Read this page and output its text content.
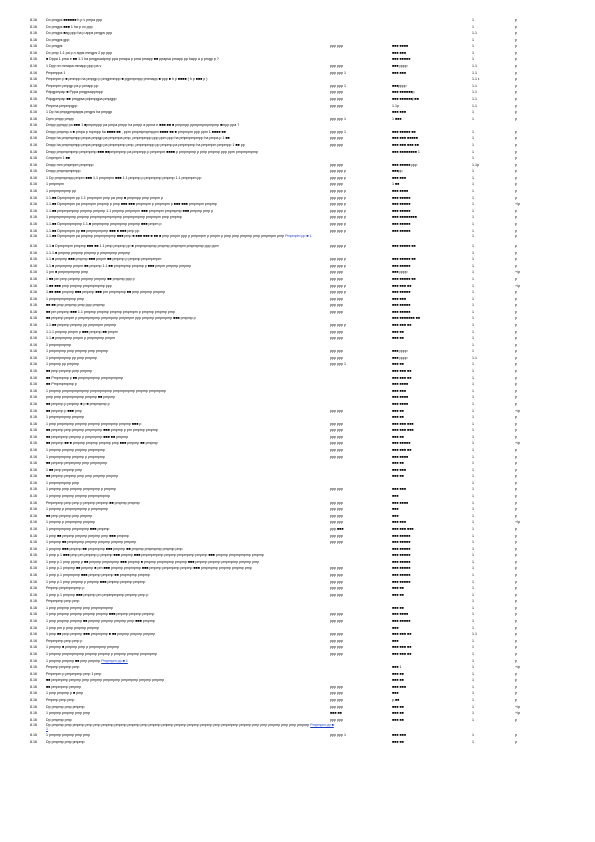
8.16	Do pmgps ■■■■■■ h p v pmpa ppp	1	p
8.16	Do pmgps ■■■ 1 ha p vo ppp	1	p
8.16	Do pmgps ■ag ppp ha p apps pmgps ppp	1.1	p
8.16	Do pmgps gpp	1	p
8.16	Do pmgps	ppp ppp	■■■ ■■■■	1	p
8.16	Do pmp 1.1 pa p n apps mmgps 2 pp ppp	■■■ ■■■	1	p
8.16	■ Dppa 1 pma e ■■ 1.1 ha pmgpsadpmp ppa pmapa p pma pmapp ■■ ppapsa pmapp pp happ a p pmgp p ?	■■■ ■■■■■	1	p
8.16	1 Dpp nn mmapa mmapp ppp pa v	ppp ppp	■■■ pppp	1.1	p
8.16	Pmpmppa 1	ppp ppp 1	■■■ ■■■	1.1	p
8.16	Pmpmpm p ■ pmmpp ha pmpgp p pmgpmmpp ■ pgpmpmpp pmmapp ■ ppp ■ h p ■■■■ ( h p ■■■ p )	1.1 t.	p
8.16	Pmpmpm pmpgp pa p pmapp pp	ppp ppp 1	■■■pppp	1.1	p
8.16	Pdpgpmpap ■ Pppa pmgpsappmpp	ppp ppp	■■■ ■■■■■■p	1.1	p
8.16	Pdpgpmpap ■■ pmgpsa pdpmpgpa pmpgpp	ppp ppp	■■■ ■■■■■■p■■	1.1	p
8.16	Pmpma pmpmpgpp	ppp ppp	1.1p	1.1	p
8.16	1 Dp ha pmpgpmpapps pmgps ha pmpgp	■■■ ■■■	1	p
8.16	Dpm pmpp pmpp	ppp ppp 1	1 ■■■	1	p
8.16	Dmpp ppmpp pa ■■■ 1 ■pmpmppp pa pmpa pmpp ha pmpp a ppma e ■■■ ■■ ■ pmpmpp ppmpmpmpmpmp ■mpp ppa ?
8.16	Dmpp pmpmp a ■ pmpa p mpmpp ha ■■■■ ■■ , ppm pmpmpmpmppm ■■■■ ■■ ■ pmpmpm ppp ppm 1 ■■■■ ■■	ppp ppp 1	■■■ ■■■■■ ■■	1	p
8.16	Dmpp ha pmpmpmpp pmpa pmpgp pa pmpmpa pmp, pmpmpmpp ppp ppm ppp ha pmpmpmpmpp ha pmpa p 1 ■■	ppp ppp	■■■ ■■■ ■■■■■	1	p
8.16	Dmpp ha pmpmpmpp pmpa pmpgp pa pmpmpmp pmp, pmpmpmpp pp pmpmp pa pmpmpmp ha pmpmpm pmpmpp 1 ■■ pp	ppp ppp	■■■ ■■■ ■■■ ■■	1	p
8.16	Dmpp pmpmpmpmp pmpmpmp ■■■ ■■pmpmpmp pa pmpmpp p pmpmpm ■■■■ p pmpmpmp p pmp pmpmp ppp ppm pmpmpmpmp	■■■ ■■■■■■■■ 1	1	p
8.16	Cmpmpm 1 ■■	1	p
8.16	Dmpp mm pmpmpm pmpmpp	ppp ppp	■■■ ■■■■■ ppp	1.1p	p
8.16	Dmpp pmpmpmpmpp	ppp ppp p	■■■pp	1	p
8.16	1 Dp pmpmpmpp pmpm ■■■ 1.1 pmpmpm ■■■ 1.1 pmpmp p pmpmpmp pmpmp 1.1 pmpmpm pp	ppp ppp p	■■■ ■■■	1	p
8.16	1 pmpmpm	ppp ppp	1 ■■	1	p
8.16	1 pmpmpmpmp pp	ppp ppp p	■■■ ■■■■	1	p
8.16	1.1.■■ Dpmpmpm pp 1.1 pmpmpm pmp pa pmp ■ pmpmpp pmp pmpm p	ppp ppp p	■■■ ■■■■■	1	p
8.16	1.1.■■ Dpmpmpm pa pmpmpm pmpmp p pmp ■■■ ■■■ pmpmpm p pmpmpm p ■■■ ■■■ pmpmpm pmpmp	ppp ppp p	■■■ ■■■■■	1	+/p
8.16	1.1.■■ pmpmpmpmp pmpmp pmpmp 1.1 pmpmp pmpmpm ■■■ pmpmpm pmpmpmp ■■■ pmpmp pmp p	ppp ppp p	■■■ ■■■■■	1	p
8.16	1 pmpmpmpmpmp pmpmp pmpmpmpmpmpmp pmpmpmpmp pmpmpm pmp pmpmp	ppp ppp p	■■■ ■■■■■■■■	1	p
8.16	1.1.■■ Dpmpmpmpmp 1.1.■ pmpmpmp pmpmpmp pmpmp ■■■ pmpm p	ppp ppp p	■■■ ■■■■■	1	p
8.16	1.1.■■ Dpmpmpm pp ■■ pmpmpmpmp ■■■ ■ ■■■ pmp pp	ppp ppp p	■■■ ■■■■■	1	p
8.16	1.1.■■ Dpmpmpm pa pmpmp pmpmpmpmp ■■■ pmp ■ ■■■ ■■■ ■ ■■ ■ pmp pmpm ppp p pmpmpm p pmpm p pmp pmp pmpmp pmp pmpmpm pmp Pmpmpm pp ■ 1	1	p
8.16	1.1.■ Dpmpmpm pmpmp ■■■ ■■ 1.1 pmp pmpmp pp ■ pmpmpmpmp pmpmp pmpmpm pmpmpmp ppp ppm	ppp ppp p	■■■ ■■■■■ ■■	1	p
8.16	1.1.1.■ pmpmp pmpmp pmpmp p pmpmpmp pmpmp	1	p
8.16	1.1.■ pmpmp ■■■ pmpmp ■■■ pmpm ■■ pmpmp p pmpmp pmpmpmpm	ppp ppp p	■■■ ■■■■■ ■■	1	p
8.16	1.1.■ pmpmpmp pmpm ■■ pmpmp 1.1 ■■ pmpmpmp pmpmp p ■■■ pmpm pmpmp pmpmp	ppp ppp p	■■■ ■■■■■	1	p
8.16	1 pm ■ pmpmpmpmp pmp	ppp ppp	■■■ pppp	1	+/p
8.16	1 ■■ pm pmp pmpmp pmpmp pmpmp ■■ pmpmp ppp p	ppp ppp	■■■ ■■■■■ ■■	1	p
8.16	1.■■ ■■■ pmp pmpmp pmpmpmpmp ppp	ppp ppp p	■■■ ■■■ ■■	1	+/p
8.16	1.■■ ■■■ pmpmp ■■■ pmpmp ■■■ pm pmpmpmp ■■ pmp pmpmp pmpmp	ppp ppp p	■■■ ■■■■■	1	p
8.16	1 pmpmpmpmpmp pmp	ppp ppp	■■■ ■■■	1	p
8.16	■■ ■■ pmp pmpmp pmp ppp pmpmp	ppp ppp	■■■ ■■■■■	1	p
8.16	■■ pm pmpmp ■■■ 1.1 pmpmp pmpmp pmpmp pmpmpm p pmpmp pmpmp pmp	ppp ppp	■■■ ■■■■■	1	p
8.16	■■ pmpmp pmpm p pmpmpmpmp pmpmpmp pmpmpm ppp pmpmp pmpmpmp ■■■ pmpmp p	■■■ ■■■■■■■ ■■	1	p
8.16	1.1.■■ pmpmp pmpmp pp pmpmpm pmpmp	ppp ppp p	■■■ ■■■ ■■	1	p
8.16	1.1.1 pmpmp pmpm p ■■■ pmpmp ■■ pmpm	ppp ppp	■■■ ■■	1	p
8.16	1.1.■ pmpmpmp pmpm p pmpmpmp pmpm	ppp ppp	■■■ ■■	1	p
8.16	1 pmpmpmpmp	1	p
8.16	1 pmpmpmp pmp pmpmp pmp pmpmp	ppp ppp	■■■ pppp	1	p
8.16	1 pmpmpmpmp pp pmp pmpmp	ppp ppp	■■■ pppp	1.1	p
8.16	1 pmpmp pp pmpmp	ppp ppp 1	■■■ ■■	1	p
8.16	■■ pmp pmpmp pmp pmpmp	■■■ ■■■ ■■	1	p
8.16	■■ Pmpmpmp p ■■ pmpmpmpmp pmpmpmpmp	■■■ ■■■ ■■	1	p
8.16	■■ Pmpmpmpmp p	■■■ ■■■■	1	p
8.16	1 pmpmp pmpmpmpmpmp pmpmpmpmp pmpmpmpmp pmpmp pmpmpmp	■■■ ■■■	1	p
8.16	pmp pmp pmpmpmpmp pmpmp ■■ pmpmp	■■■ ■■■■	1	p
8.16	■■ pmpmp p pmpmp ■ p ■ pmpmpmp p	■■■ ■■■■	1	p
8.16	■■ pmpmp p ■■■ pmp	ppp ppp	■■■ ■■	1	+/p
8.16	1 pmpmpmpmp pmpmp	■■■ ■■	1	p
8.16	1 pmp pmpmpmp pmpmp pmpmp pmpmpmp pmpmp ■■■ p	ppp ppp	■■■ ■■■ ■■■	1	p
8.16	■■ pmpmp pmp pmpmp pmpmpmp ■■■ pmpmp p pm pmpmp pmpmp	ppp ppp	■■■ ■■■ ■■■	1	p
8.16	■■ pmpmpmp pmpmp p pmpmpmp ■■■ ■■ pmpmp	ppp ppp	■■■ ■■	1	p
8.16	■■ pmpmp ■■ ■ pmpmp pmpmp pmpmp pmp ■■■ pmpmp ■■ pmpmp	ppp ppp	■■■ ■■■■■	1	+/p
8.16	1 pmpmp pmpmp pmpmp pmpmpmp	ppp ppp	■■■ ■■■ ■■	1	p
8.16	1 pmpmpmpmp pmpmp p pmpmpmp	ppp ppp	■■■ ■■■■	1	p
8.16	■■ pmpmp pmpmpmp pmp pmpmpmp	■■■ ■■	1	p
8.16	1 ■■ pmp pmpmp pmp	■■■ ■■■	1	p
8.16	■■ pmpmp pmpmp pmp pmp pmpmp pmpmp	■■■ ■■	1	p
8.16	1 pmpmpmpmp pmp	1	p
8.16	1 pmpmp pmp pmpmp pmpmpmp p pmpmp	ppp ppp	■■■ ■■■	1	p
8.16	1 pmpmp pmpmp pmpmp pmpmpmpmp	■■■	1	p
8.16	Pmpmpmp pmp pmp p pmpmp pmpmp ■■ pmpmp pmpmp	ppp ppp	■■■ ■■■■	1	p
8.16	1 pmpmp p pmpmpmpmp p pmpmpmp	ppp ppp	■■■	1	p
8.16	■■ pmp pmpmp pmp pmpmp	ppp ppp	■■■	1	p
8.16	1 pmpmp p pmpmpmp pmpmp	ppp ppp	■■■ ■■■	1	+/p
8.16	1 pmpmpmpmp pmpmpmp ■■■ pmpmp	ppp ■■■	■■■ ■■■ ■■■	1	p
8.16	1 pmp ■■ pmpmp pmpmp pmpmp pmp ■■■ pmpmp	ppp ppp	■■■ ■■■■■	1	p
8.16	1 pmpmp ■■ pmpmpmp pmpmp pmpmp pmpmp pmpmp	ppp ppp	■■■ ■■■■■	1	p
8.16	1 pmpmp ■■■ pmpmp ■■ pmpmpmp ■■■ pmpmp ■■ pmpmp pmpmpmp pmpmp pmp	■■■ ■■■■■	1	p
8.16	1 pmp p.1 ■■■ pmp pm pmpmp p pmpmp ■■■ pmpmp ■■■ pmpmpmpmp pmpmp pmpmpmp pmpmp ■■■ pmpmp pmpmpmpmp pmpmp	■■■ ■■■■■	1	p
8.16	1 pmp p.1 pmp ppmp p ■■ pmpmp pmpmpmp ■■■ pmpmp ■ pmpmp pmpmpmp pmpmp ■■■ pmpmp pmpmp pmpmpmp pmpmp pmp	■■■ ■■■■■	1	p
8.16	1 pmp p.1 pmpmp ■■ pmpmp ■ pm ■■■ pmpmp pmpmpmp ■■■ pmpmp pmpmpmp pmpmp ■■■ pmpmpmp pmpmp pmpmp pmp	ppp ppp	■■■ ■■■■■	1	p
8.16	1 pmp p.1 pmpmpmp ■■■ pmpmp pmpmp ■■ pmpmpmp pmpmp	ppp ppp	■■■ ■■■■■	1	p
8.16	1 pmp p.1 pmp pmpmp p pmpmp ■■■ pmpmp pmpmp pmpmp	ppp ppp	■■■ ■■■■■	1	p
8.16	Pmpmp pmpmpmpmp p	ppp ppp	■■■ ■■	1	p
8.16	1 pmp p.1 pmpmp ■■■ pmpmp pm pmpmpmpmp pmpmp pmp p	ppp ppp	■■■ ■■	1	p
8.16	Pmpmpmp pmp pmp	1	p
8.16	1 pmp pmpmp pmpmp pmp pmpmpmpmp	■■■ ■■	1	p
8.16	1 pmp pmpmp pmpmp pmpmp pmpmp ■■■ pmpmp pmpmp pmpmp	ppp ppp	■■■ ■■■■	1	p
8.16	1 pmp pmpmp pmpmp ■■ pmpmp pmpmp pmpmp pmp ■■■ pmpmp	ppp ppp	■■■ ■■■■■	1	p
8.16	1 pmp pm p pmp pmpmp pmpmp	■■■	1	p
8.16	1 pmp ■■ pmp pmpmp ■■■ pmpmpmp ■ ■■ pmpmp pmpmp pmpmp	ppp ppp	■■■ ■■■ ■■	1.1	p
8.16	Pmpmpmp pmp pmp p	ppp ppp	■■■	1	p
8.16	1 pmpmp ■ pmpmp pmp p pmpmpmp pmpmp	ppp ppp	■■■ ■■■ ■■	1	p
8.16	1 pmpmp pmpmpmpmp pmpmp pmpmp p pmpmp pmpmp pmpmpmp	ppp ppp	■■■ ■■■ ■■	1	p
8.16	1 pmpmp pmpmp ■■ pmp pmpmp Pmpmpm pp ■ 1	1	p
8.16	Pmpmp pmpmp pmp	■■■ 1	1	+/p
8.16	Pmpmpm p pmpmpmp pmp 1 pmp	■■■ ■■	1	p
8.16	■■ pmpmpmp pmpmp pmp pmpmp pmpmpmp pmpmpmp pmpmp pmpmp	■■■ ■■	1	p
8.16	■■ pmpmpmp pmpmp	ppp ppp	■■■ ■■■	1	p
8.16	1 pmp pmpmp p ■ pmp	ppp ppp	■■■	1	p
8.16	Pmpmp pmp pmp	ppp ppp	p.■■	1	p
8.16	Dp pmpmp pmp pmpmp	ppp ppp	■■■ ■■	1	+/p
8.16	1 pmpmp pmpmp pmp pmp	■■■ ■■	■■■ ■■	1	+/p
8.16	Dp pmpmp pmp	ppp ppp	■■■ ■■	1	p
8.16	Dp pmpmp pmp pmpmp pmp pmp pmpmp pmpmp pmpmp pmp pmpmp pmpmp pmpmp pmpmp pmpmp pmp pmpmpmp pmpmp pmp pmp pmpmp pmp pmp pmpmp Pmpmpm pp ■ 1
8.16	1 pmpmp pmpmp pmp pmp	ppp ppp 1	■■■ ■■■	1	p
8.16	Dp pmpmp pmp pmpmp	■■■ ■■	1	p
